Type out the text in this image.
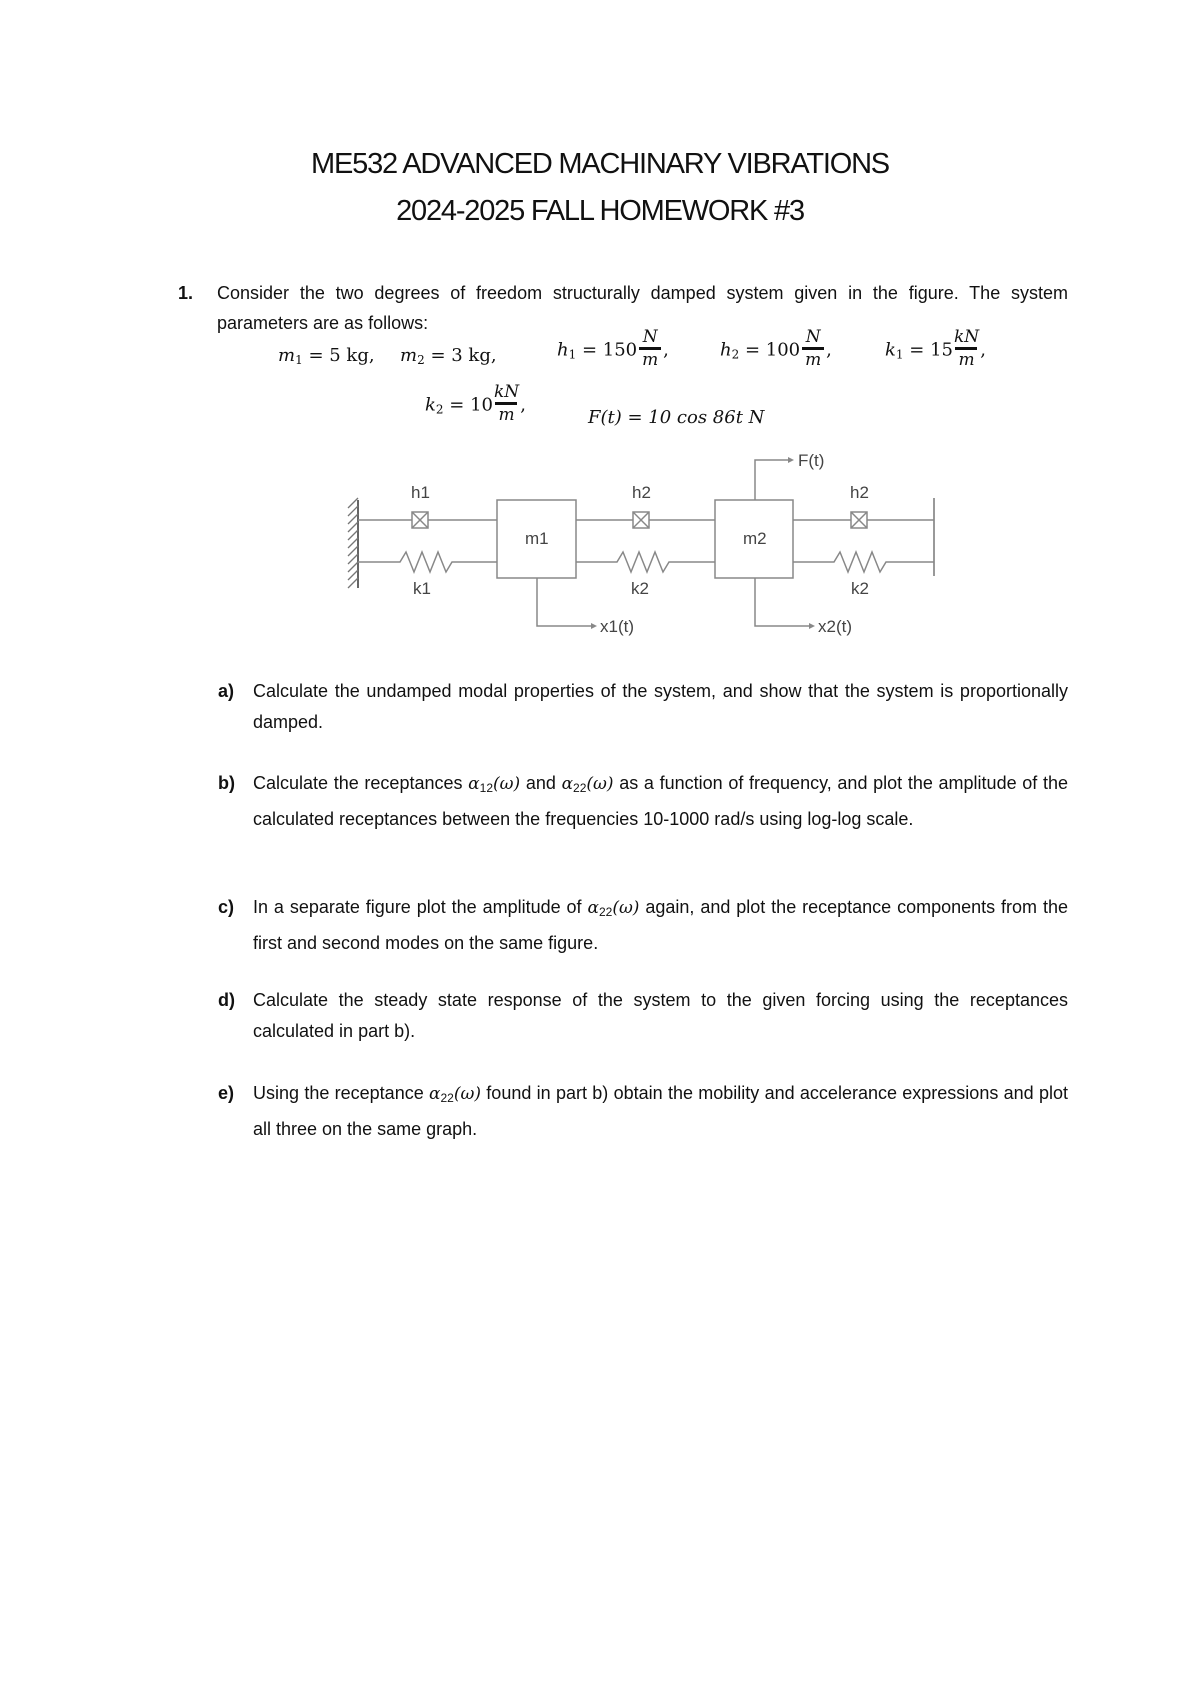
ME532 ADVANCED MACHINARY VIBRATIONS
2024-2025 FALL HOMEWORK #3
1. Consider the two degrees of freedom structurally damped system given in the figure. The system parameters are as follows:
$m_1 = 5$ kg, $m_2 = 3$ kg,	$h_1 = 150 \frac{N}{m}$ ,	$h_2 = 100 \frac{N}{m}$ ,	$k_1 = 15 \frac{kN}{m}$ ,
$k_2 = 10 \frac{kN}{m}$ ,
F(t) = 10 cos 86t N
h1	h2	h2
m1	m2
k1	k2	k2
x1(t)	x2(t)
F(t)
a) Calculate the undamped modal properties of the system, and show that the system is proportionally damped.
b) Calculate the receptances $\alpha_{12}(\omega)$ and $\alpha_{22}(\omega)$ as a function of frequency, and plot the amplitude of the calculated receptances between the frequencies 10-1000 rad/s using log-log scale.
c) In a separate figure plot the amplitude of $\alpha_{22}(\omega)$ again, and plot the receptance components from the first and second modes on the same figure.
d) Calculate the steady state response of the system to the given forcing using the receptances calculated in part b).
e) Using the receptance $\alpha_{22}(\omega)$ found in part b) obtain the mobility and accelerance expressions and plot all three on the same graph.
